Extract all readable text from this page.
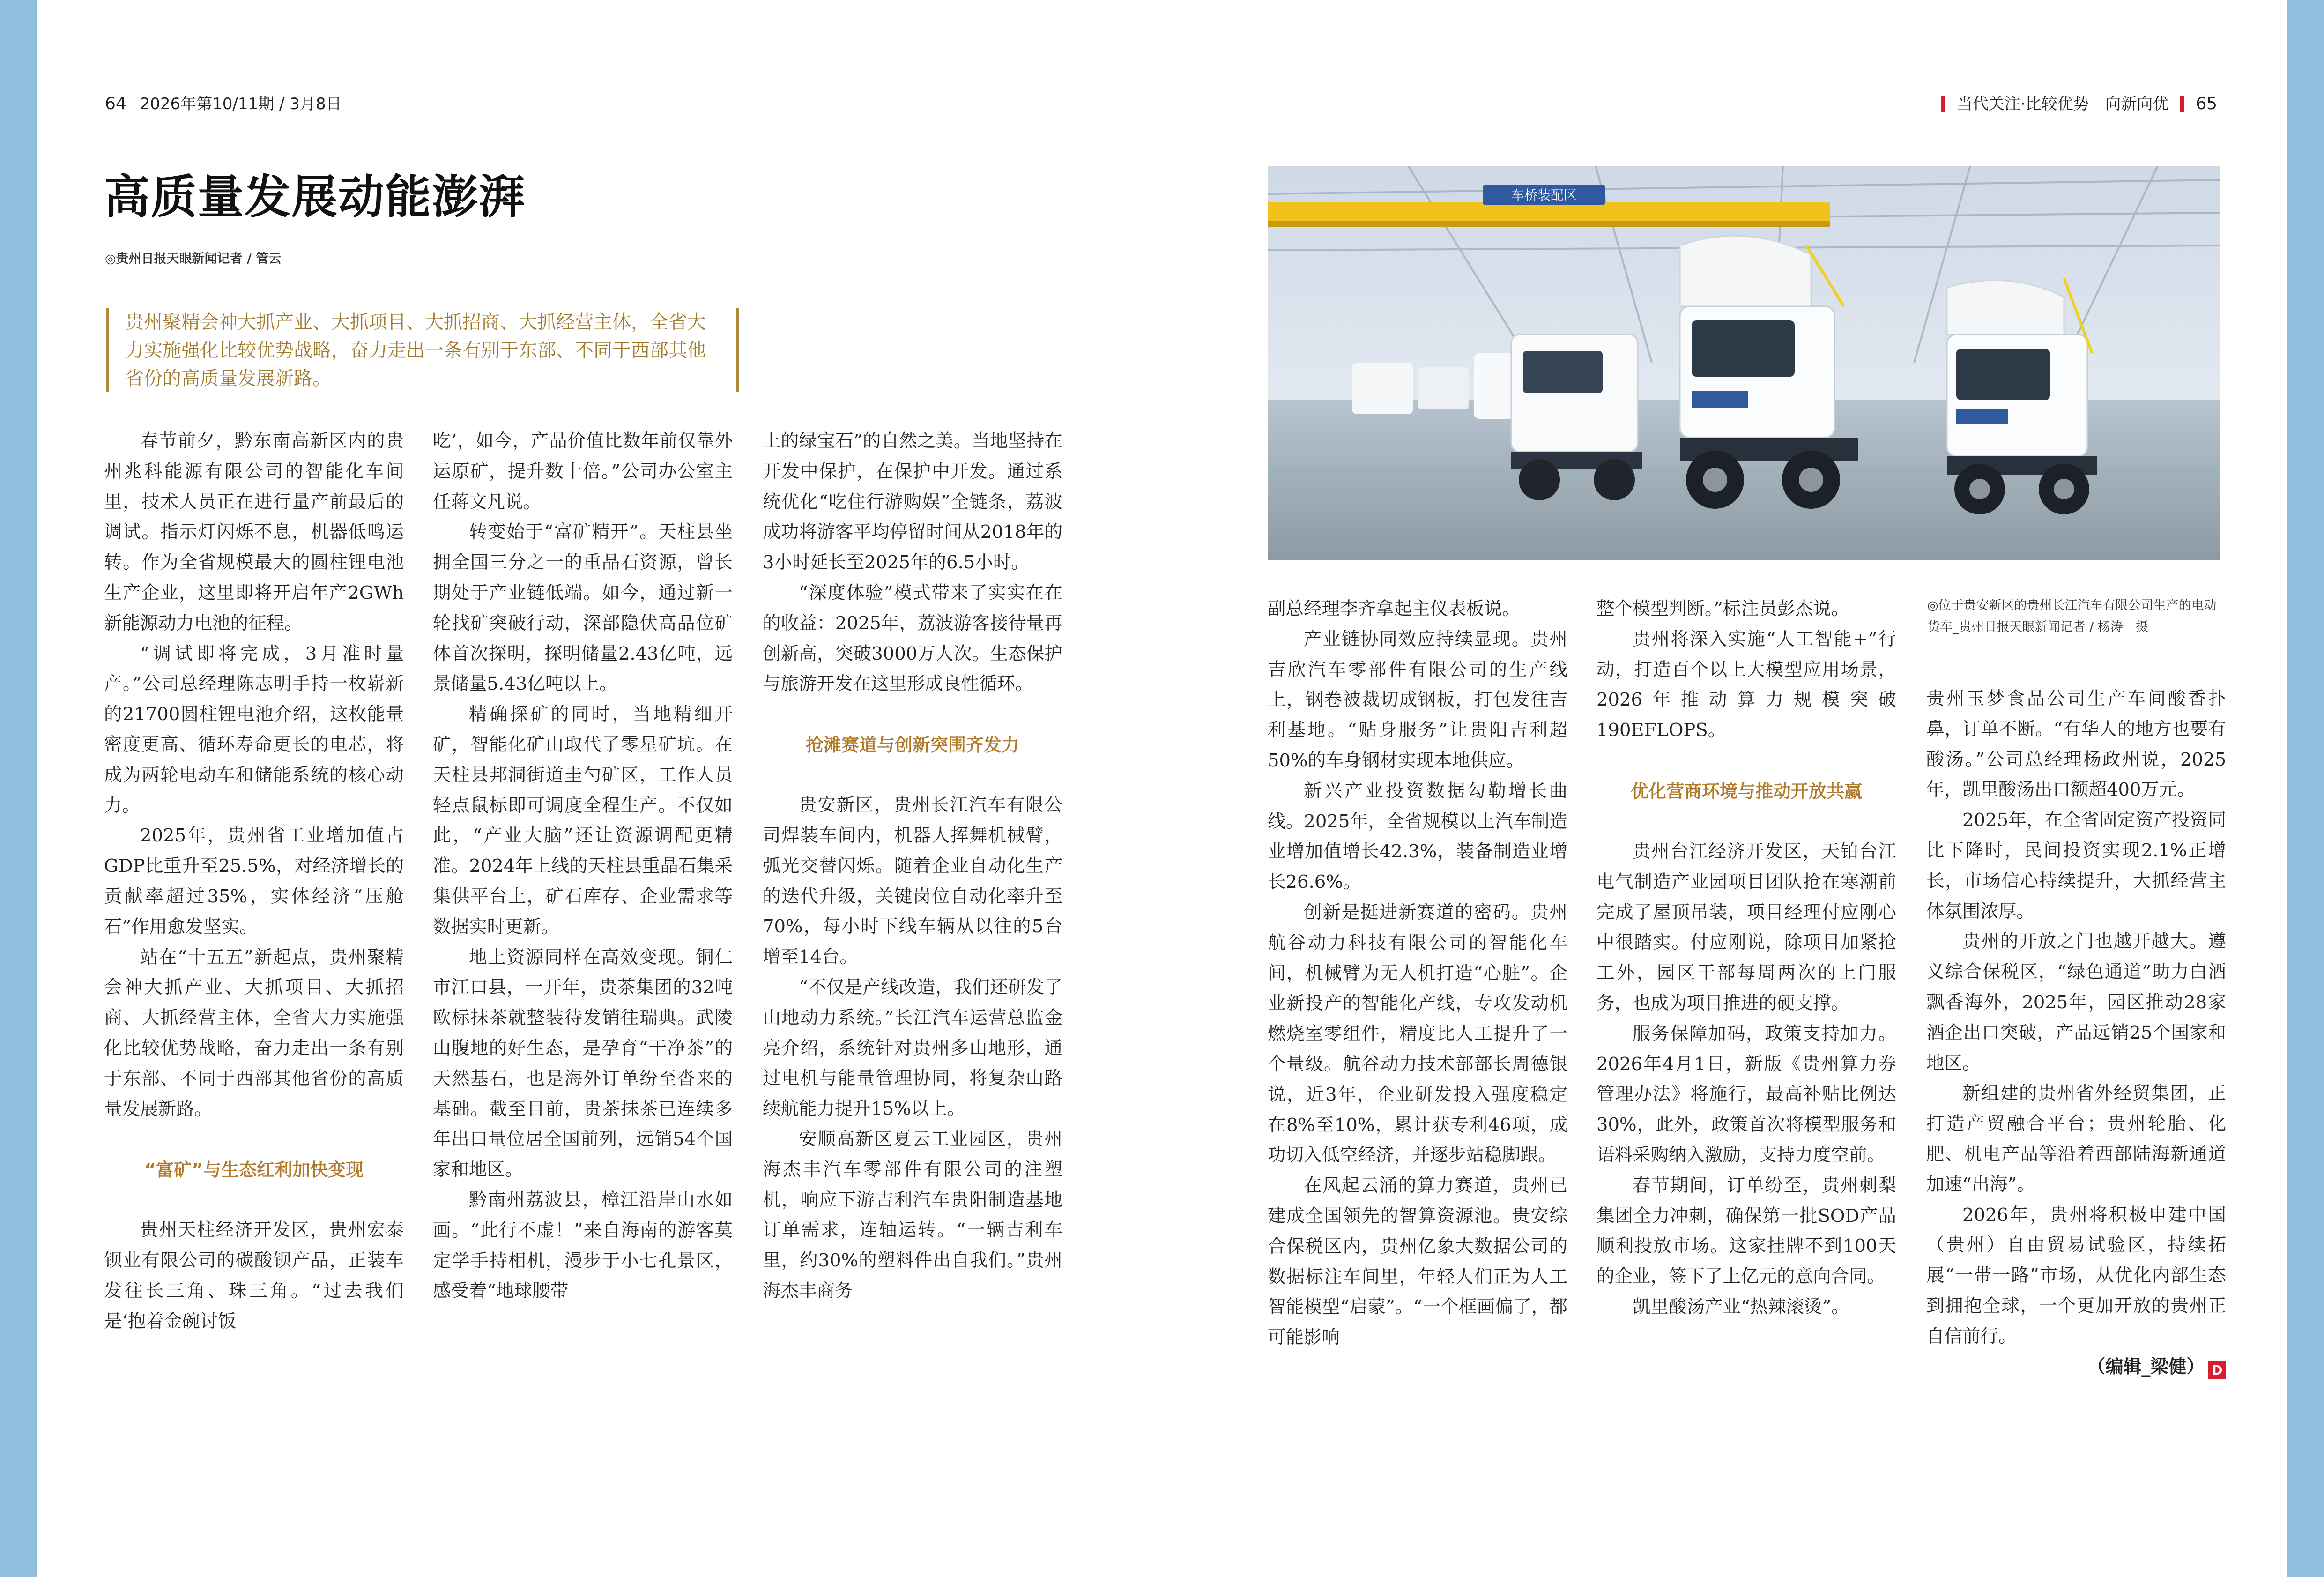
64 2026年第10/11期 / 3月8日	当代关注·比较优势　向新向优 65
高质量发展动能澎湃
◎贵州日报天眼新闻记者 / 管云

贵州聚精会神大抓产业、大抓项目、大抓招商、大抓经营主体，全省大力实施强化比较优势战略，奋力走出一条有别于东部、不同于西部其他省份的高质量发展新路。

春节前夕，黔东南高新区内的贵州兆科能源有限公司的智能化车间里，技术人员正在进行量产前最后的调试。指示灯闪烁不息，机器低鸣运转。作为全省规模最大的圆柱锂电池生产企业，这里即将开启年产2GWh新能源动力电池的征程。

“调试即将完成，3月准时量产。”公司总经理陈志明手持一枚崭新的21700圆柱锂电池介绍，这枚能量密度更高、循环寿命更长的电芯，将成为两轮电动车和储能系统的核心动力。

2025年，贵州省工业增加值占GDP比重升至25.5%，对经济增长的贡献率超过35%，实体经济“压舱石”作用愈发坚实。

站在“十五五”新起点，贵州聚精会神大抓产业、大抓项目、大抓招商、大抓经营主体，全省大力实施强化比较优势战略，奋力走出一条有别于东部、不同于西部其他省份的高质量发展新路。

“富矿”与生态红利加快变现

贵州天柱经济开发区，贵州宏泰钡业有限公司的碳酸钡产品，正装车发往长三角、珠三角。“过去我们是‘抱着金碗讨饭

吃’，如今，产品价值比数年前仅靠外运原矿，提升数十倍。”公司办公室主任蒋文凡说。

转变始于“富矿精开”。天柱县坐拥全国三分之一的重晶石资源，曾长期处于产业链低端。如今，通过新一轮找矿突破行动，深部隐伏高品位矿体首次探明，探明储量2.43亿吨，远景储量5.43亿吨以上。

精确探矿的同时，当地精细开矿，智能化矿山取代了零星矿坑。在天柱县邦洞街道圭勺矿区，工作人员轻点鼠标即可调度全程生产。不仅如此，“产业大脑”还让资源调配更精准。2024年上线的天柱县重晶石集采集供平台上，矿石库存、企业需求等数据实时更新。

地上资源同样在高效变现。铜仁市江口县，一开年，贵茶集团的32吨欧标抹茶就整装待发销往瑞典。武陵山腹地的好生态，是孕育“干净茶”的天然基石，也是海外订单纷至沓来的基础。截至目前，贵茶抹茶已连续多年出口量位居全国前列，远销54个国家和地区。

黔南州荔波县，樟江沿岸山水如画。“此行不虚！”来自海南的游客莫定学手持相机，漫步于小七孔景区，感受着“地球腰带

上的绿宝石”的自然之美。当地坚持在开发中保护，在保护中开发。通过系统优化“吃住行游购娱”全链条，荔波成功将游客平均停留时间从2018年的3小时延长至2025年的6.5小时。

“深度体验”模式带来了实实在在的收益：2025年，荔波游客接待量再创新高，突破3000万人次。生态保护与旅游开发在这里形成良性循环。

抢滩赛道与创新突围齐发力

贵安新区，贵州长江汽车有限公司焊装车间内，机器人挥舞机械臂，弧光交替闪烁。随着企业自动化生产的迭代升级，关键岗位自动化率升至70%，每小时下线车辆从以往的5台增至14台。

“不仅是产线改造，我们还研发了山地动力系统。”长江汽车运营总监金亮介绍，系统针对贵州多山地形，通过电机与能量管理协同，将复杂山路续航能力提升15%以上。

安顺高新区夏云工业园区，贵州海杰丰汽车零部件有限公司的注塑机，响应下游吉利汽车贵阳制造基地订单需求，连轴运转。“一辆吉利车里，约30%的塑料件出自我们。”贵州海杰丰商务

车桥装配区

副总经理李齐拿起主仪表板说。

产业链协同效应持续显现。贵州吉欣汽车零部件有限公司的生产线上，钢卷被裁切成钢板，打包发往吉利基地。“贴身服务”让贵阳吉利超50%的车身钢材实现本地供应。

新兴产业投资数据勾勒增长曲线。2025年，全省规模以上汽车制造业增加值增长42.3%，装备制造业增长26.6%。

创新是挺进新赛道的密码。贵州航谷动力科技有限公司的智能化车间，机械臂为无人机打造“心脏”。企业新投产的智能化产线，专攻发动机燃烧室零组件，精度比人工提升了一个量级。航谷动力技术部部长周德银说，近3年，企业研发投入强度稳定在8%至10%，累计获专利46项，成功切入低空经济，并逐步站稳脚跟。

在风起云涌的算力赛道，贵州已建成全国领先的智算资源池。贵安综合保税区内，贵州亿象大数据公司的数据标注车间里，年轻人们正为人工智能模型“启蒙”。“一个框画偏了，都可能影响

整个模型判断。”标注员彭杰说。

贵州将深入实施“人工智能+”行动，打造百个以上大模型应用场景，2026年推动算力规模突破190EFLOPS。

优化营商环境与推动开放共赢

贵州台江经济开发区，天铂台江电气制造产业园项目团队抢在寒潮前完成了屋顶吊装，项目经理付应刚心中很踏实。付应刚说，除项目加紧抢工外，园区干部每周两次的上门服务，也成为项目推进的硬支撑。

服务保障加码，政策支持加力。2026年4月1日，新版《贵州算力券管理办法》将施行，最高补贴比例达30%，此外，政策首次将模型服务和语料采购纳入激励，支持力度空前。

春节期间，订单纷至，贵州刺梨集团全力冲刺，确保第一批SOD产品顺利投放市场。这家挂牌不到100天的企业，签下了上亿元的意向合同。

凯里酸汤产业“热辣滚烫”。

◎位于贵安新区的贵州长江汽车有限公司生产的电动货车_贵州日报天眼新闻记者 / 杨涛　摄

贵州玉梦食品公司生产车间酸香扑鼻，订单不断。“有华人的地方也要有酸汤。”公司总经理杨政州说，2025年，凯里酸汤出口额超400万元。

2025年，在全省固定资产投资同比下降时，民间投资实现2.1%正增长，市场信心持续提升，大抓经营主体氛围浓厚。

贵州的开放之门也越开越大。遵义综合保税区，“绿色通道”助力白酒飘香海外，2025年，园区推动28家酒企出口突破，产品远销25个国家和地区。

新组建的贵州省外经贸集团，正打造产贸融合平台；贵州轮胎、化肥、机电产品等沿着西部陆海新通道加速“出海”。

2026年，贵州将积极申建中国（贵州）自由贸易试验区，持续拓展“一带一路”市场，从优化内部生态到拥抱全球，一个更加开放的贵州正自信前行。

（编辑_梁健） D
